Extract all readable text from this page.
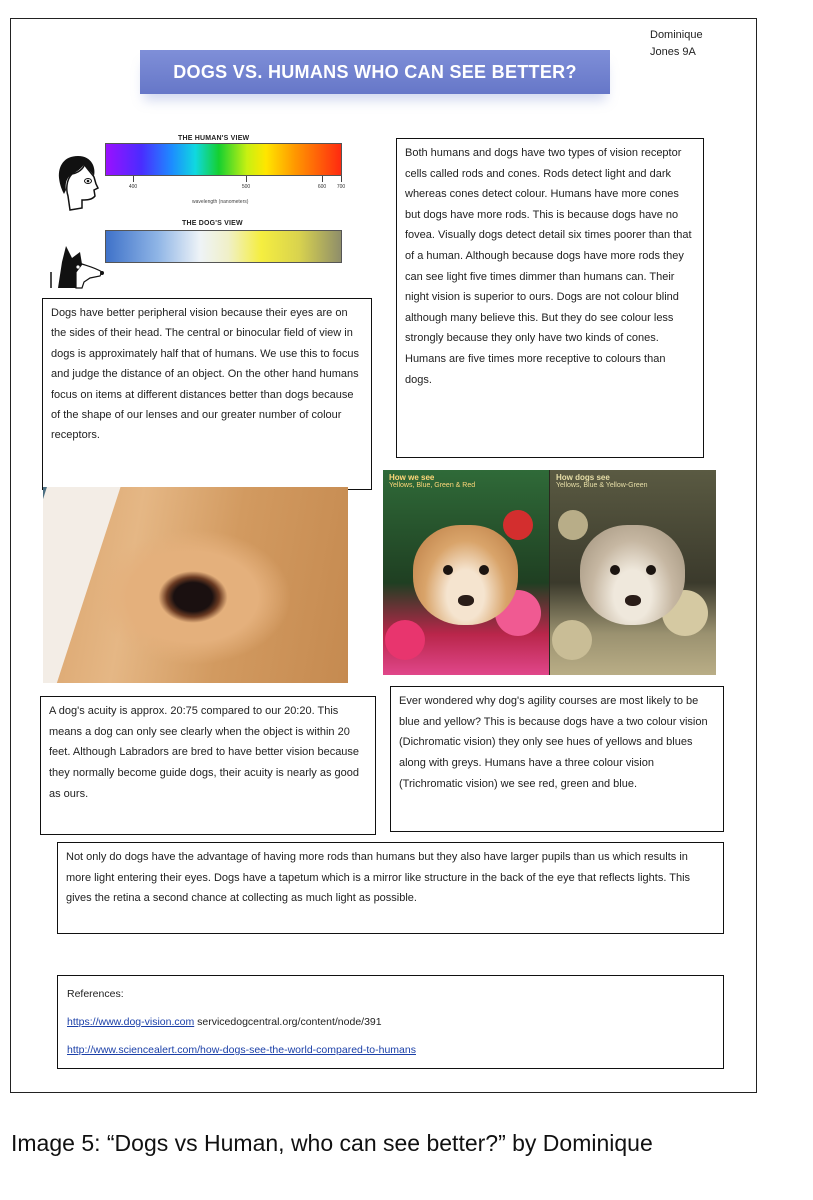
Dominique
Jones 9A
DOGS VS. HUMANS WHO CAN SEE BETTER?
THE HUMAN'S VIEW
400	500	600 700
wavelength (nanometers)
THE DOG'S VIEW

Both humans and dogs have two types of vision receptor cells called rods and cones. Rods detect light and dark whereas cones detect colour. Humans have more cones but dogs have more rods. This is because dogs have no fovea. Visually dogs detect detail six times poorer than that of a human. Although because dogs have more rods they can see light five times dimmer than humans can. Their night vision is superior to ours. Dogs are not colour blind although many believe this. But they do see colour less strongly because they only have two kinds of cones. Humans are five times more receptive to colours than dogs.

Dogs have better peripheral vision because their eyes are on the sides of their head. The central or binocular field of view in dogs is approximately half that of humans. We use this to focus and judge the distance of an object. On the other hand humans focus on items at different distances better than dogs because of the shape of our lenses and our greater number of colour receptors.

How we see
Yellows, Blue, Green & Red
How dogs see
Yellows, Blue & Yellow-Green

A dog's acuity is approx. 20:75 compared to our 20:20. This means a dog can only see clearly when the object is within 20 feet. Although Labradors are bred to have better vision because they normally become guide dogs, their acuity is nearly as good as ours.

Ever wondered why dog's agility courses are most likely to be blue and yellow? This is because dogs have a two colour vision (Dichromatic vision) they only see hues of yellows and blues along with greys. Humans have a three colour vision (Trichromatic vision) we see red, green and blue.

Not only do dogs have the advantage of having more rods than humans but they also have larger pupils than us which results in more light entering their eyes. Dogs have a tapetum which is a mirror like structure in the back of the eye that reflects lights. This gives the retina a second chance at collecting as much light as possible.

References:
https://www.dog-vision.com servicedogcentral.org/content/node/391
http://www.sciencealert.com/how-dogs-see-the-world-compared-to-humans
Image 5: “Dogs vs Human, who can see better?” by Dominique
